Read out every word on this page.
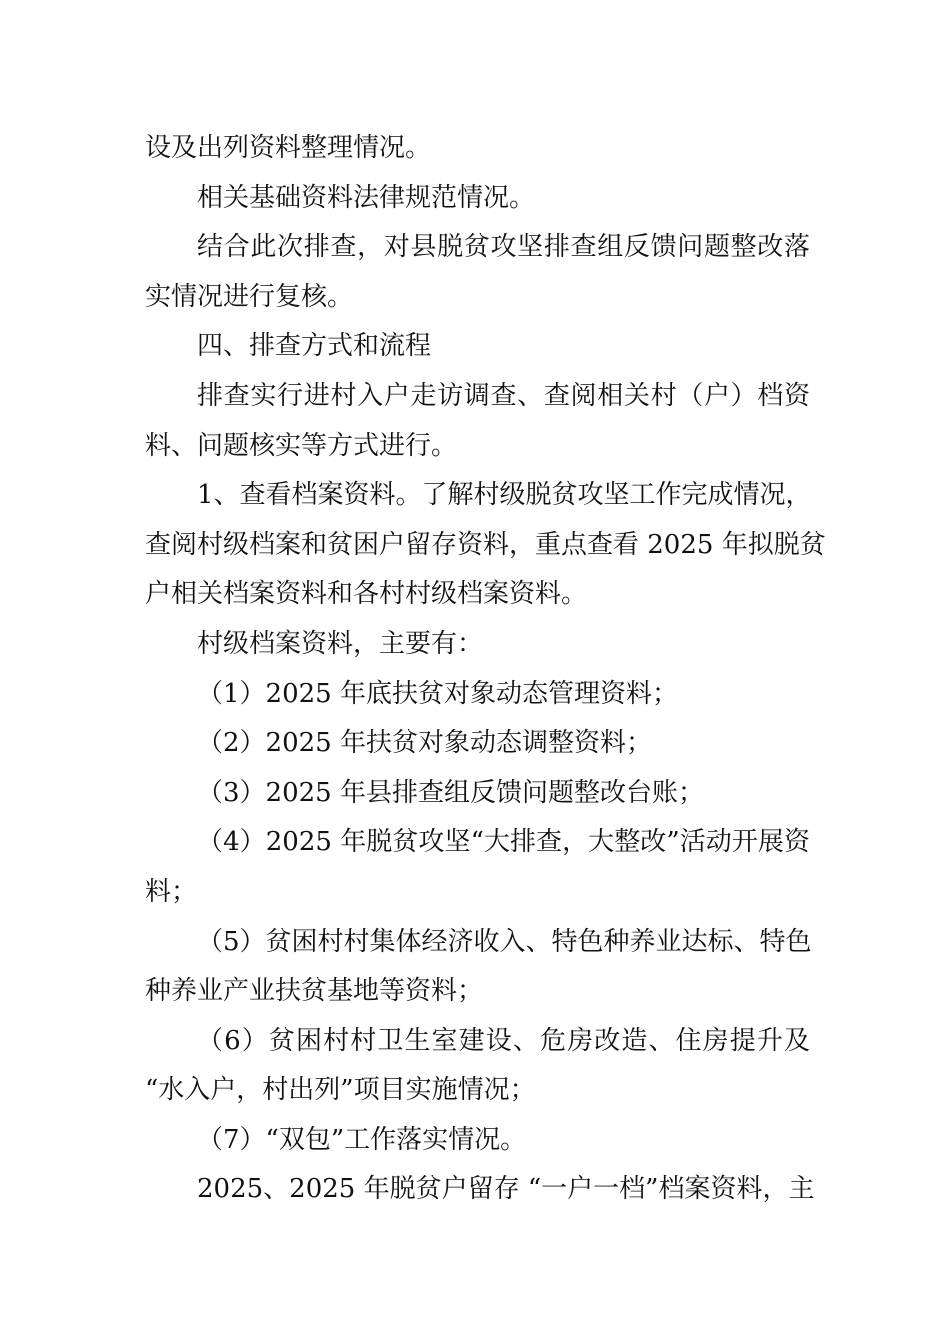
设及出列资料整理情况。
相关基础资料法律规范情况。
结合此次排查，对县脱贫攻坚排查组反馈问题整改落
实情况进行复核。
四、排查方式和流程
排查实行进村入户走访调查、查阅相关村（户）档资
料、问题核实等方式进行。
1、查看档案资料。了解村级脱贫攻坚工作完成情况，
查阅村级档案和贫困户留存资料，重点查看 2025 年拟脱贫
户相关档案资料和各村村级档案资料。
村级档案资料，主要有：
（1）2025 年底扶贫对象动态管理资料；
（2）2025 年扶贫对象动态调整资料；
（3）2025 年县排查组反馈问题整改台账；
（4）2025 年脱贫攻坚“大排查，大整改”活动开展资
料；
（5）贫困村村集体经济收入、特色种养业达标、特色
种养业产业扶贫基地等资料；
（6）贫困村村卫生室建设、危房改造、住房提升及
“水入户，村出列”项目实施情况；
（7）“双包”工作落实情况。
2025、2025 年脱贫户留存 “一户一档”档案资料，主
